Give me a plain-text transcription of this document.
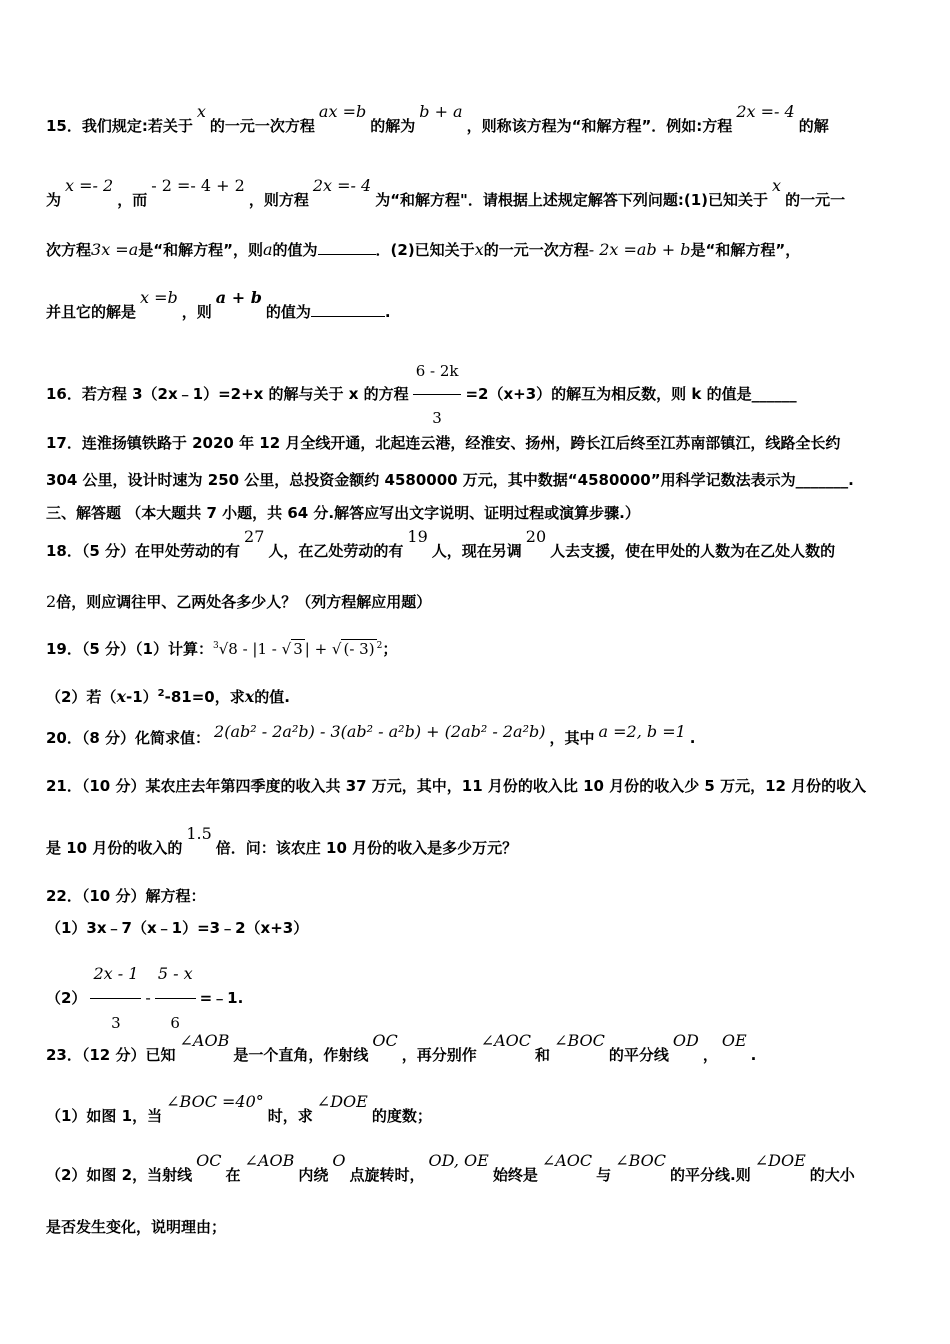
15．我们规定:若关于x的一元一次方程ax =b的解为b + a，则称该方程为“和解方程”．例如:方程2x =- 4的解
为x =- 2，而- 2 =- 4 + 2，则方程2x =- 4为“和解方程"．请根据上述规定解答下列问题:(1)已知关于x的一元一
次方程3x =a是“和解方程”，则a的值为	．(2)已知关于x的一元一次方程- 2x =ab + b是“和解方程”，
并且它的解是x =b，则a + b的值为	.
16．若方程 3（2x﹣1）=2+x 的解与关于 x 的方程 $\frac{6 - 2k}{3} =2(x+3)$的解互为相反数，则 k 的值是______
17．连淮扬镇铁路于 2020 年 12 月全线开通，北起连云港，经淮安、扬州，跨长江后终至江苏南部镇江，线路全长约
304 公里，设计时速为 250 公里，总投资金额约 4580000 万元，其中数据“4580000”用科学记数法表示为_______.
三、解答题 （本大题共 7 小题，共 64 分.解答应写出文字说明、证明过程或演算步骤.）
18．（5 分）在甲处劳动的有27人，在乙处劳动的有19人，现在另调20人去支援，使在甲处的人数为在乙处人数的
2倍，则应调往甲、乙两处各多少人？（列方程解应用题）
19．（5 分）（1）计算：$^3$√8 - |1 - √ 3 | + √ (- 3) $^2$；
（2）若$(x-1)^2-81=0$，求x的值.
20．（8 分）化简求值： 2(ab² - 2a²b) - 3(ab² - a²b) + (2ab² - 2a²b) ，其中 a =2, b =1 .
21．（10 分）某农庄去年第四季度的收入共 37 万元，其中，11 月份的收入比 10 月份的收入少 5 万元，12 月份的收入
是 10 月份的收入的1.5倍．问：该农庄 10 月份的收入是多少万元？
22．（10 分）解方程：
（1）3x﹣7（x﹣1）=3﹣2（x+3）
$(2) \frac{2x - 1}{3} - \frac{5 - x}{6}$ =﹣1.
23．（12 分）已知∠AOB是一个直角，作射线OC，再分别作∠AOC和∠BOC的平分线OD，OE.
（1）如图 1，当∠BOC =40°时，求∠DOE的度数；
（2）如图 2，当射线OC在∠AOB内绕O点旋转时，OD, OE始终是∠AOC与∠BOC的平分线.则∠DOE的大小
是否发生变化，说明理由；
